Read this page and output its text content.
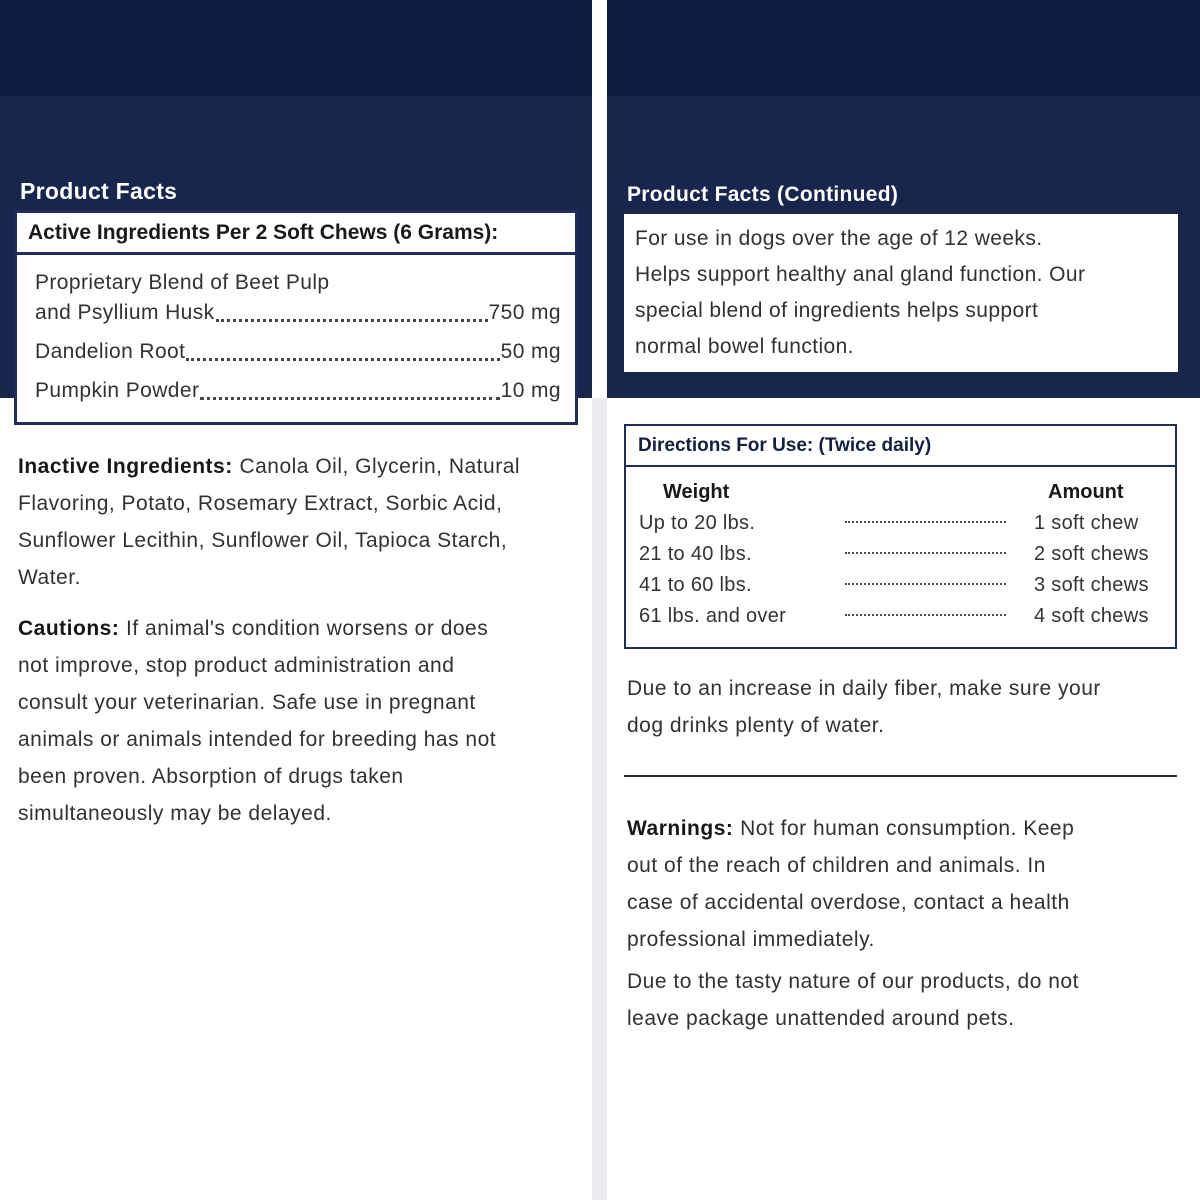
Product Facts
Active Ingredients Per 2 Soft Chews (6 Grams):
Proprietary Blend of Beet Pulp
and Psyllium Husk	750 mg
Dandelion Root	50 mg
Pumpkin Powder	10 mg
Inactive Ingredients: Canola Oil, Glycerin, Natural
Flavoring, Potato, Rosemary Extract, Sorbic Acid,
Sunflower Lecithin, Sunflower Oil, Tapioca Starch,
Water.
Cautions: If animal's condition worsens or does
not improve, stop product administration and
consult your veterinarian. Safe use in pregnant
animals or animals intended for breeding has not
been proven. Absorption of drugs taken
simultaneously may be delayed.
Product Facts (Continued)
For use in dogs over the age of 12 weeks.
Helps support healthy anal gland function. Our
special blend of ingredients helps support
normal bowel function.
Directions For Use: (Twice daily)
Weight	Amount
Up to 20 lbs.	1 soft chew
21 to 40 lbs.	2 soft chews
41 to 60 lbs.	3 soft chews
61 lbs. and over	4 soft chews
Due to an increase in daily fiber, make sure your
dog drinks plenty of water.
Warnings: Not for human consumption. Keep
out of the reach of children and animals. In
case of accidental overdose, contact a health
professional immediately.
Due to the tasty nature of our products, do not
leave package unattended around pets.
